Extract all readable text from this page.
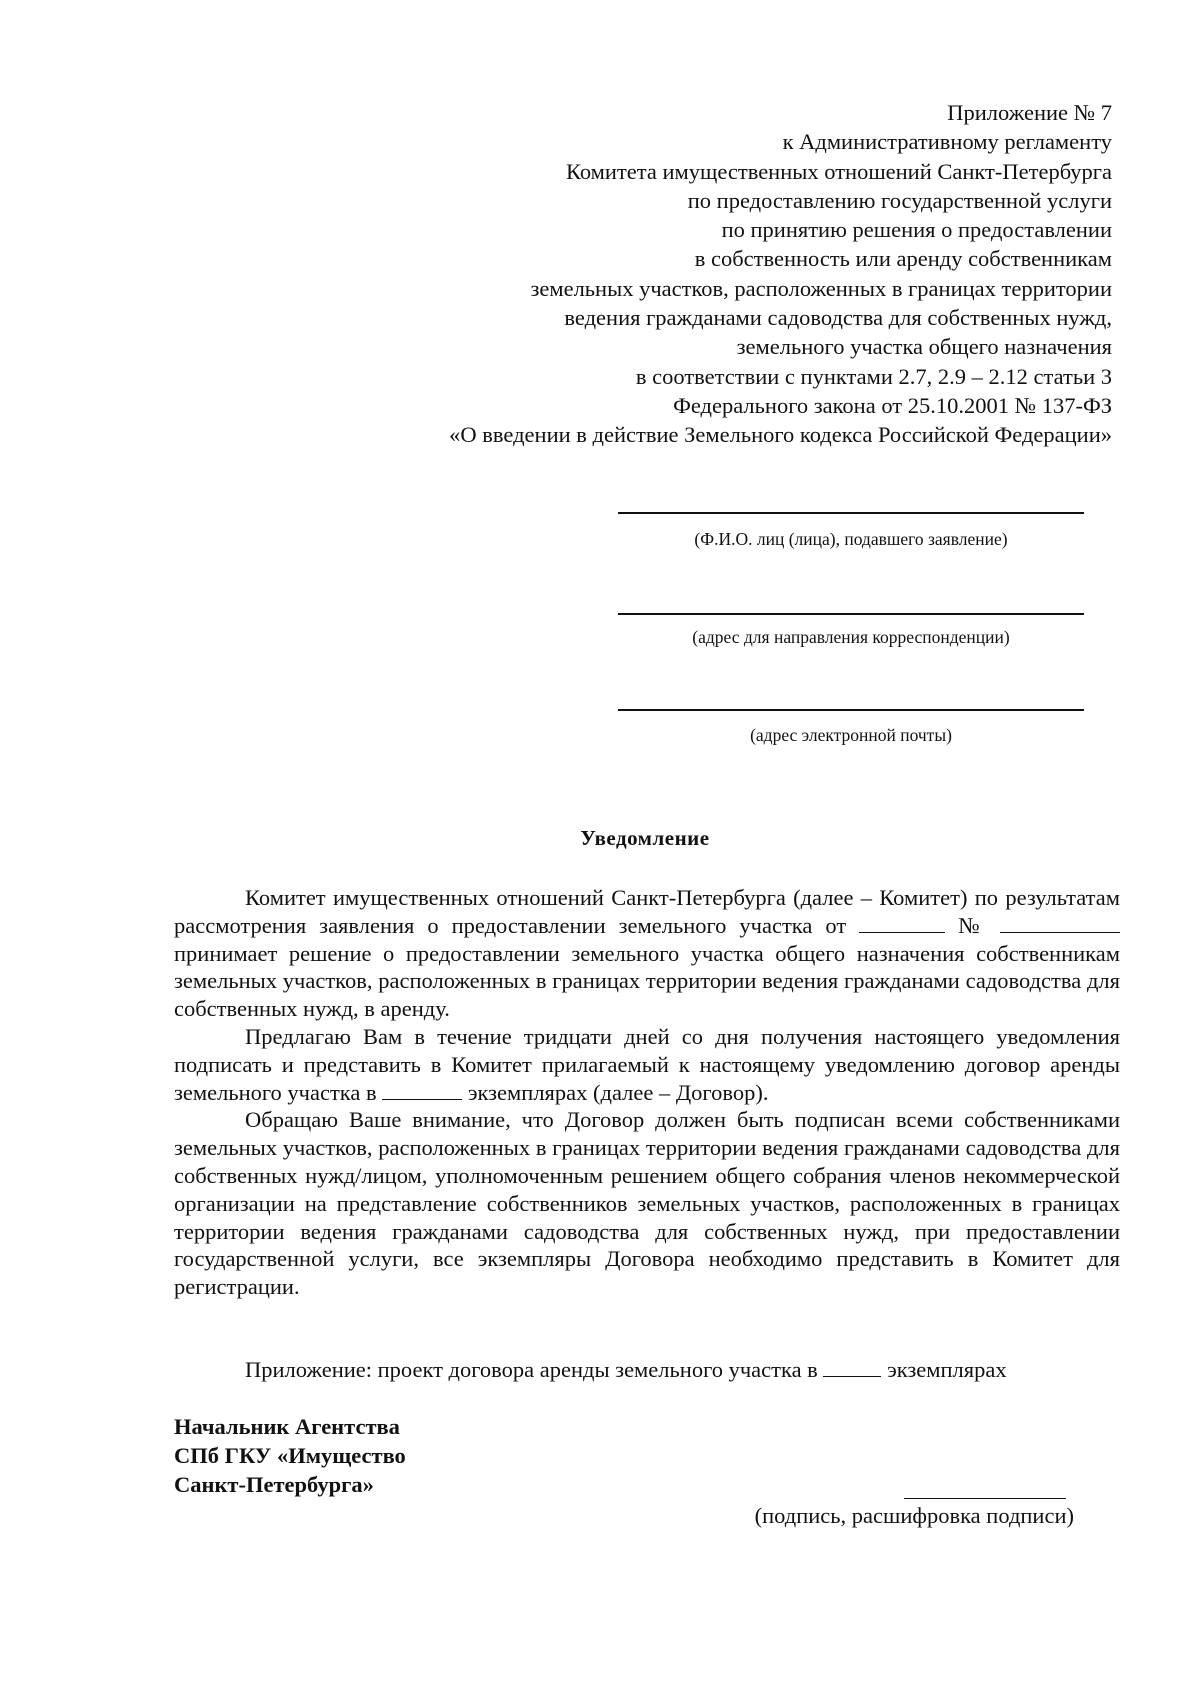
Приложение № 7
к Административному регламенту
Комитета имущественных отношений Санкт-Петербурга
по предоставлению государственной услуги
по принятию решения о предоставлении
в собственность или аренду собственникам
земельных участков, расположенных в границах территории
ведения гражданами садоводства для собственных нужд,
земельного участка общего назначения
в соответствии с пунктами 2.7, 2.9 – 2.12 статьи 3
Федерального закона от 25.10.2001 № 137-ФЗ
«О введении в действие Земельного кодекса Российской Федерации»
(Ф.И.О. лиц (лица), подавшего заявление)
(адрес для направления корреспонденции)
(адрес электронной почты)
Уведомление

Комитет имущественных отношений Санкт-Петербурга (далее – Комитет) по результатам рассмотрения заявления о предоставлении земельного участка от	№  принимает решение о предоставлении земельного участка общего назначения собственникам земельных участков, расположенных в границах территории ведения гражданами садоводства для собственных нужд, в аренду.

Предлагаю Вам в течение тридцати дней со дня получения настоящего уведомления подписать и представить в Комитет прилагаемый к настоящему уведомлению договор аренды земельного участка в	экземплярах (далее – Договор).

Обращаю Ваше внимание, что Договор должен быть подписан всеми собственниками земельных участков, расположенных в границах территории ведения гражданами садоводства для собственных нужд/лицом, уполномоченным решением общего собрания членов некоммерческой организации на представление собственников земельных участков, расположенных в границах территории ведения гражданами садоводства для собственных нужд, при предоставлении государственной услуги, все экземпляры Договора необходимо представить в Комитет для регистрации.

Приложение: проект договора аренды земельного участка в	экземплярах
Начальник Агентства
СПб ГКУ «Имущество
Санкт-Петербурга»
(подпись, расшифровка подписи)
